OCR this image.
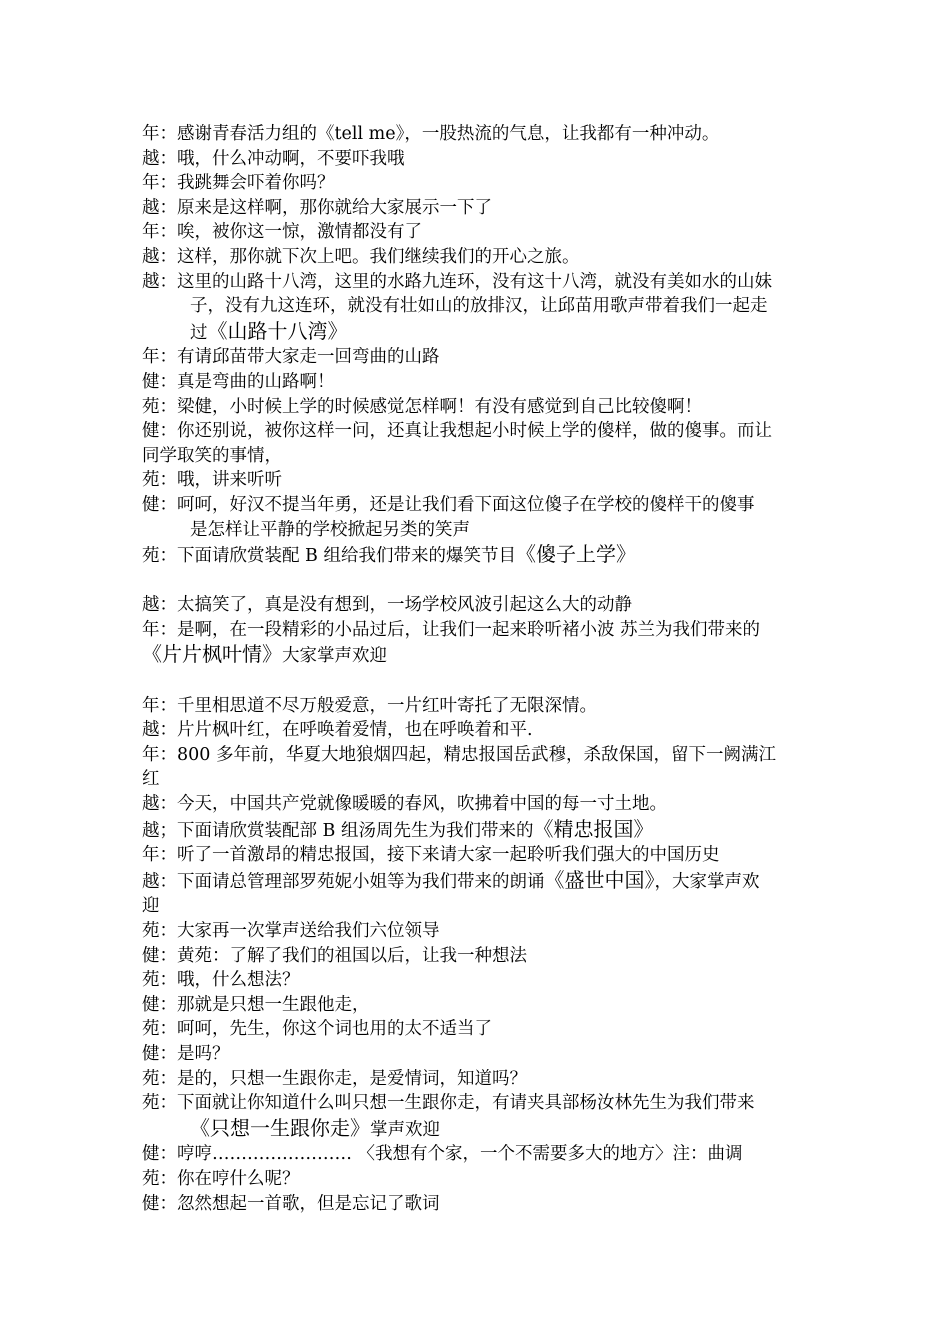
年：感谢青春活力组的《tell me》，一股热流的气息，让我都有一种冲动。
越：哦，什么冲动啊，不要吓我哦
年：我跳舞会吓着你吗？
越：原来是这样啊，那你就给大家展示一下了
年：唉，被你这一惊，激情都没有了
越：这样，那你就下次上吧。我们继续我们的开心之旅。
越：这里的山路十八湾，这里的水路九连环，没有这十八湾，就没有美如水的山妹
子，没有九这连环，就没有壮如山的放排汉，让邱苗用歌声带着我们一起走
过《山路十八湾》
年：有请邱苗带大家走一回弯曲的山路
健：真是弯曲的山路啊！
苑：梁健，小时候上学的时候感觉怎样啊！有没有感觉到自己比较傻啊！
健：你还别说，被你这样一问，还真让我想起小时候上学的傻样，做的傻事。而让
同学取笑的事情，
苑：哦，讲来听听
健：呵呵，好汉不提当年勇，还是让我们看下面这位傻子在学校的傻样干的傻事
是怎样让平静的学校掀起另类的笑声
苑：下面请欣赏装配 B 组给我们带来的爆笑节目《傻子上学》
越：太搞笑了，真是没有想到，一场学校风波引起这么大的动静
年：是啊，在一段精彩的小品过后，让我们一起来聆听褚小波 苏兰为我们带来的
《片片枫叶情》大家掌声欢迎
年：千里相思道不尽万般爱意，一片红叶寄托了无限深情。
越：片片枫叶红，在呼唤着爱情，也在呼唤着和平.
年：800 多年前，华夏大地狼烟四起，精忠报国岳武穆，杀敌保国，留下一阙满江
红
越：今天，中国共产党就像暖暖的春风，吹拂着中国的每一寸土地。
越；下面请欣赏装配部 B 组汤周先生为我们带来的《精忠报国》
年：听了一首激昂的精忠报国，接下来请大家一起聆听我们强大的中国历史
越：下面请总管理部罗苑妮小姐等为我们带来的朗诵《盛世中国》，大家掌声欢
迎
苑：大家再一次掌声送给我们六位领导
健：黄苑：了解了我们的祖国以后，让我一种想法
苑：哦，什么想法？
健：那就是只想一生跟他走，
苑：呵呵，先生，你这个词也用的太不适当了
健：是吗？
苑：是的，只想一生跟你走，是爱情词，知道吗？
苑：下面就让你知道什么叫只想一生跟你走，有请夹具部杨汝林先生为我们带来
《只想一生跟你走》掌声欢迎
健：哼哼…………………… 〈我想有个家，一个不需要多大的地方〉注：曲调
苑：你在哼什么呢？
健：忽然想起一首歌，但是忘记了歌词
